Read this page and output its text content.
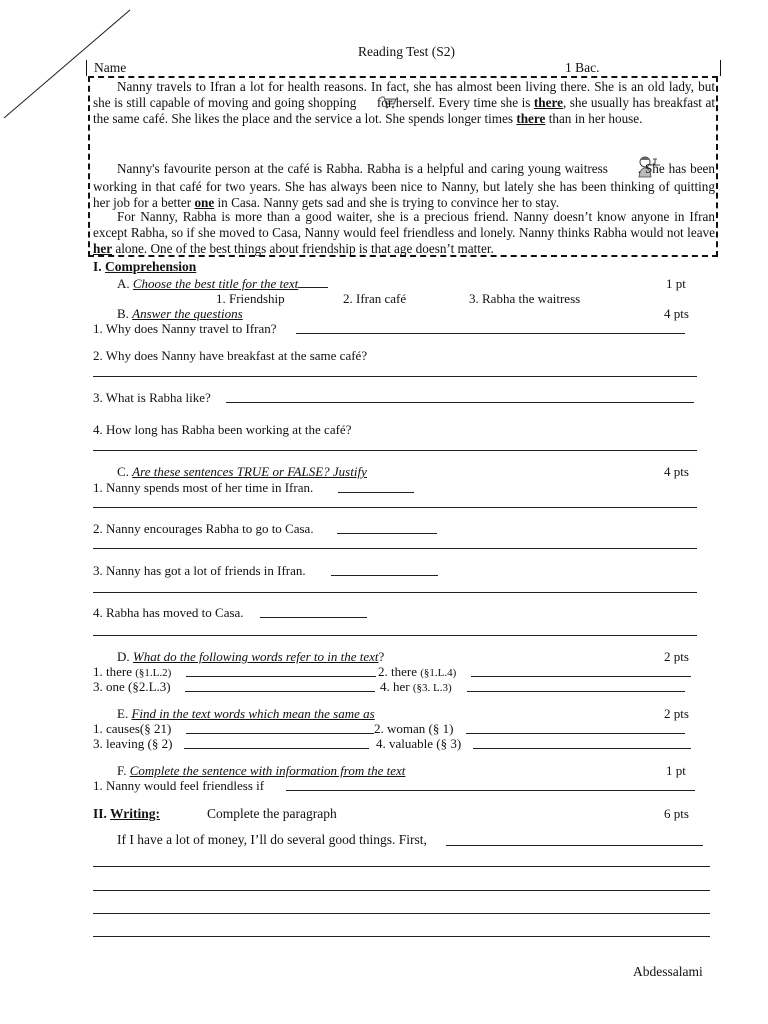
Reading Test (S2)
Name	1 Bac.
Nanny travels to Ifran a lot for health reasons. In fact, she has almost been living there. She is an old lady, but she is still capable of moving and going shopping for herself. Every time she is there, she usually has breakfast at the same café. She likes the place and the service a lot. She spends longer times there than in her house.
Nanny's favourite person at the café is Rabha. Rabha is a helpful and caring young waitress . She has been working in that café for two years. She has always been nice to Nanny, but lately she has been thinking of quitting her job for a better one in Casa. Nanny gets sad and she is trying to convince her to stay.
For Nanny, Rabha is more than a good waiter, she is a precious friend. Nanny doesn’t know anyone in Ifran except Rabha, so if she moved to Casa, Nanny would feel friendless and lonely. Nanny thinks Rabha would not leave her alone. One of the best things about friendship is that age doesn’t matter.
I. Comprehension
A. Choose the best title for the text	1 pt
1. Friendship	2. Ifran café	3. Rabha the waitress
B. Answer the questions	4 pts
1. Why does Nanny travel to Ifran?
2. Why does Nanny have breakfast at the same café?
3. What is Rabha like?
4. How long has Rabha been working at the café?
C. Are these sentences TRUE or FALSE? Justify	4 pts
1. Nanny spends most of her time in Ifran.
2. Nanny encourages Rabha to go to Casa.
3. Nanny has got a lot of friends in Ifran.
4. Rabha has moved to Casa.
D. What do the following words refer to in the text?	2 pts
1. there (§1.L.2)	2. there (§1.L.4)
3. one (§2.L.3)	4. her (§3. L.3)
E. Find in the text words which mean the same as	2 pts
1. causes(§ 21)	2. woman (§ 1)
3. leaving (§ 2)	4. valuable (§ 3)
F. Complete the sentence with information from the text	1 pt
1. Nanny would feel friendless if
II. Writing:	Complete the paragraph	6 pts
If I have a lot of money, I’ll do several good things. First,
Abdessalami
